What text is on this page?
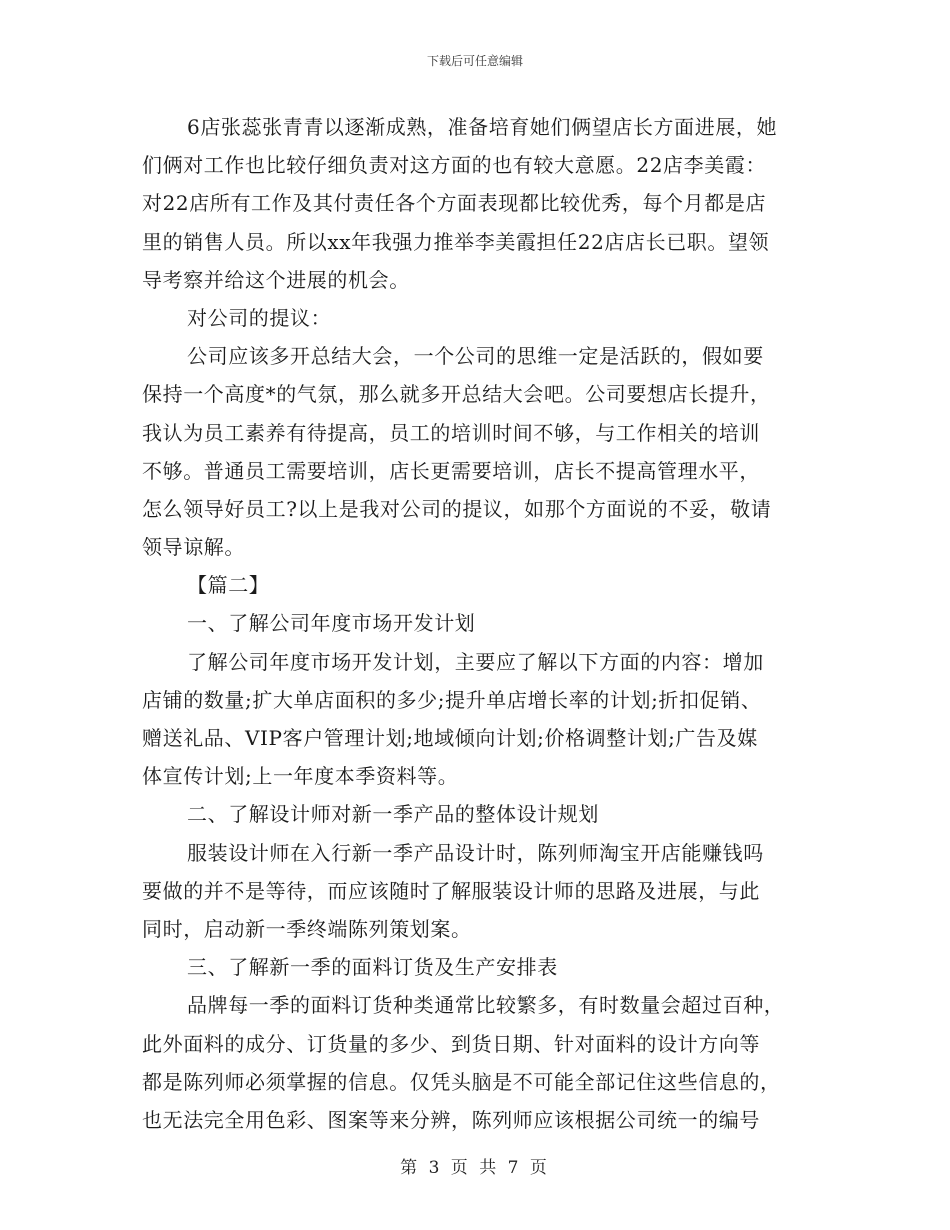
下载后可任意编辑
6店张蕊张青青以逐渐成熟，准备培育她们俩望店长方面进展，她
们俩对工作也比较仔细负责对这方面的也有较大意愿。22店李美霞：
对22店所有工作及其付责任各个方面表现都比较优秀，每个月都是店
里的销售人员。所以xx年我强力推举李美霞担任22店店长已职。望领
导考察并给这个进展的机会。
对公司的提议：
公司应该多开总结大会，一个公司的思维一定是活跃的，假如要
保持一个高度*的气氛，那么就多开总结大会吧。公司要想店长提升，
我认为员工素养有待提高，员工的培训时间不够，与工作相关的培训
不够。普通员工需要培训，店长更需要培训，店长不提高管理水平，
怎么领导好员工?以上是我对公司的提议，如那个方面说的不妥，敬请
领导谅解。
【篇二】
一、了解公司年度市场开发计划
了解公司年度市场开发计划，主要应了解以下方面的内容：增加
店铺的数量;扩大单店面积的多少;提升单店增长率的计划;折扣促销、
赠送礼品、VIP客户管理计划;地域倾向计划;价格调整计划;广告及媒
体宣传计划;上一年度本季资料等。
二、了解设计师对新一季产品的整体设计规划
服装设计师在入行新一季产品设计时，陈列师淘宝开店能赚钱吗
要做的并不是等待，而应该随时了解服装设计师的思路及进展，与此
同时，启动新一季终端陈列策划案。
三、了解新一季的面料订货及生产安排表
品牌每一季的面料订货种类通常比较繁多，有时数量会超过百种，
此外面料的成分、订货量的多少、到货日期、针对面料的设计方向等
都是陈列师必须掌握的信息。仅凭头脑是不可能全部记住这些信息的，
也无法完全用色彩、图案等来分辨，陈列师应该根据公司统一的编号
第 3 页 共 7 页
